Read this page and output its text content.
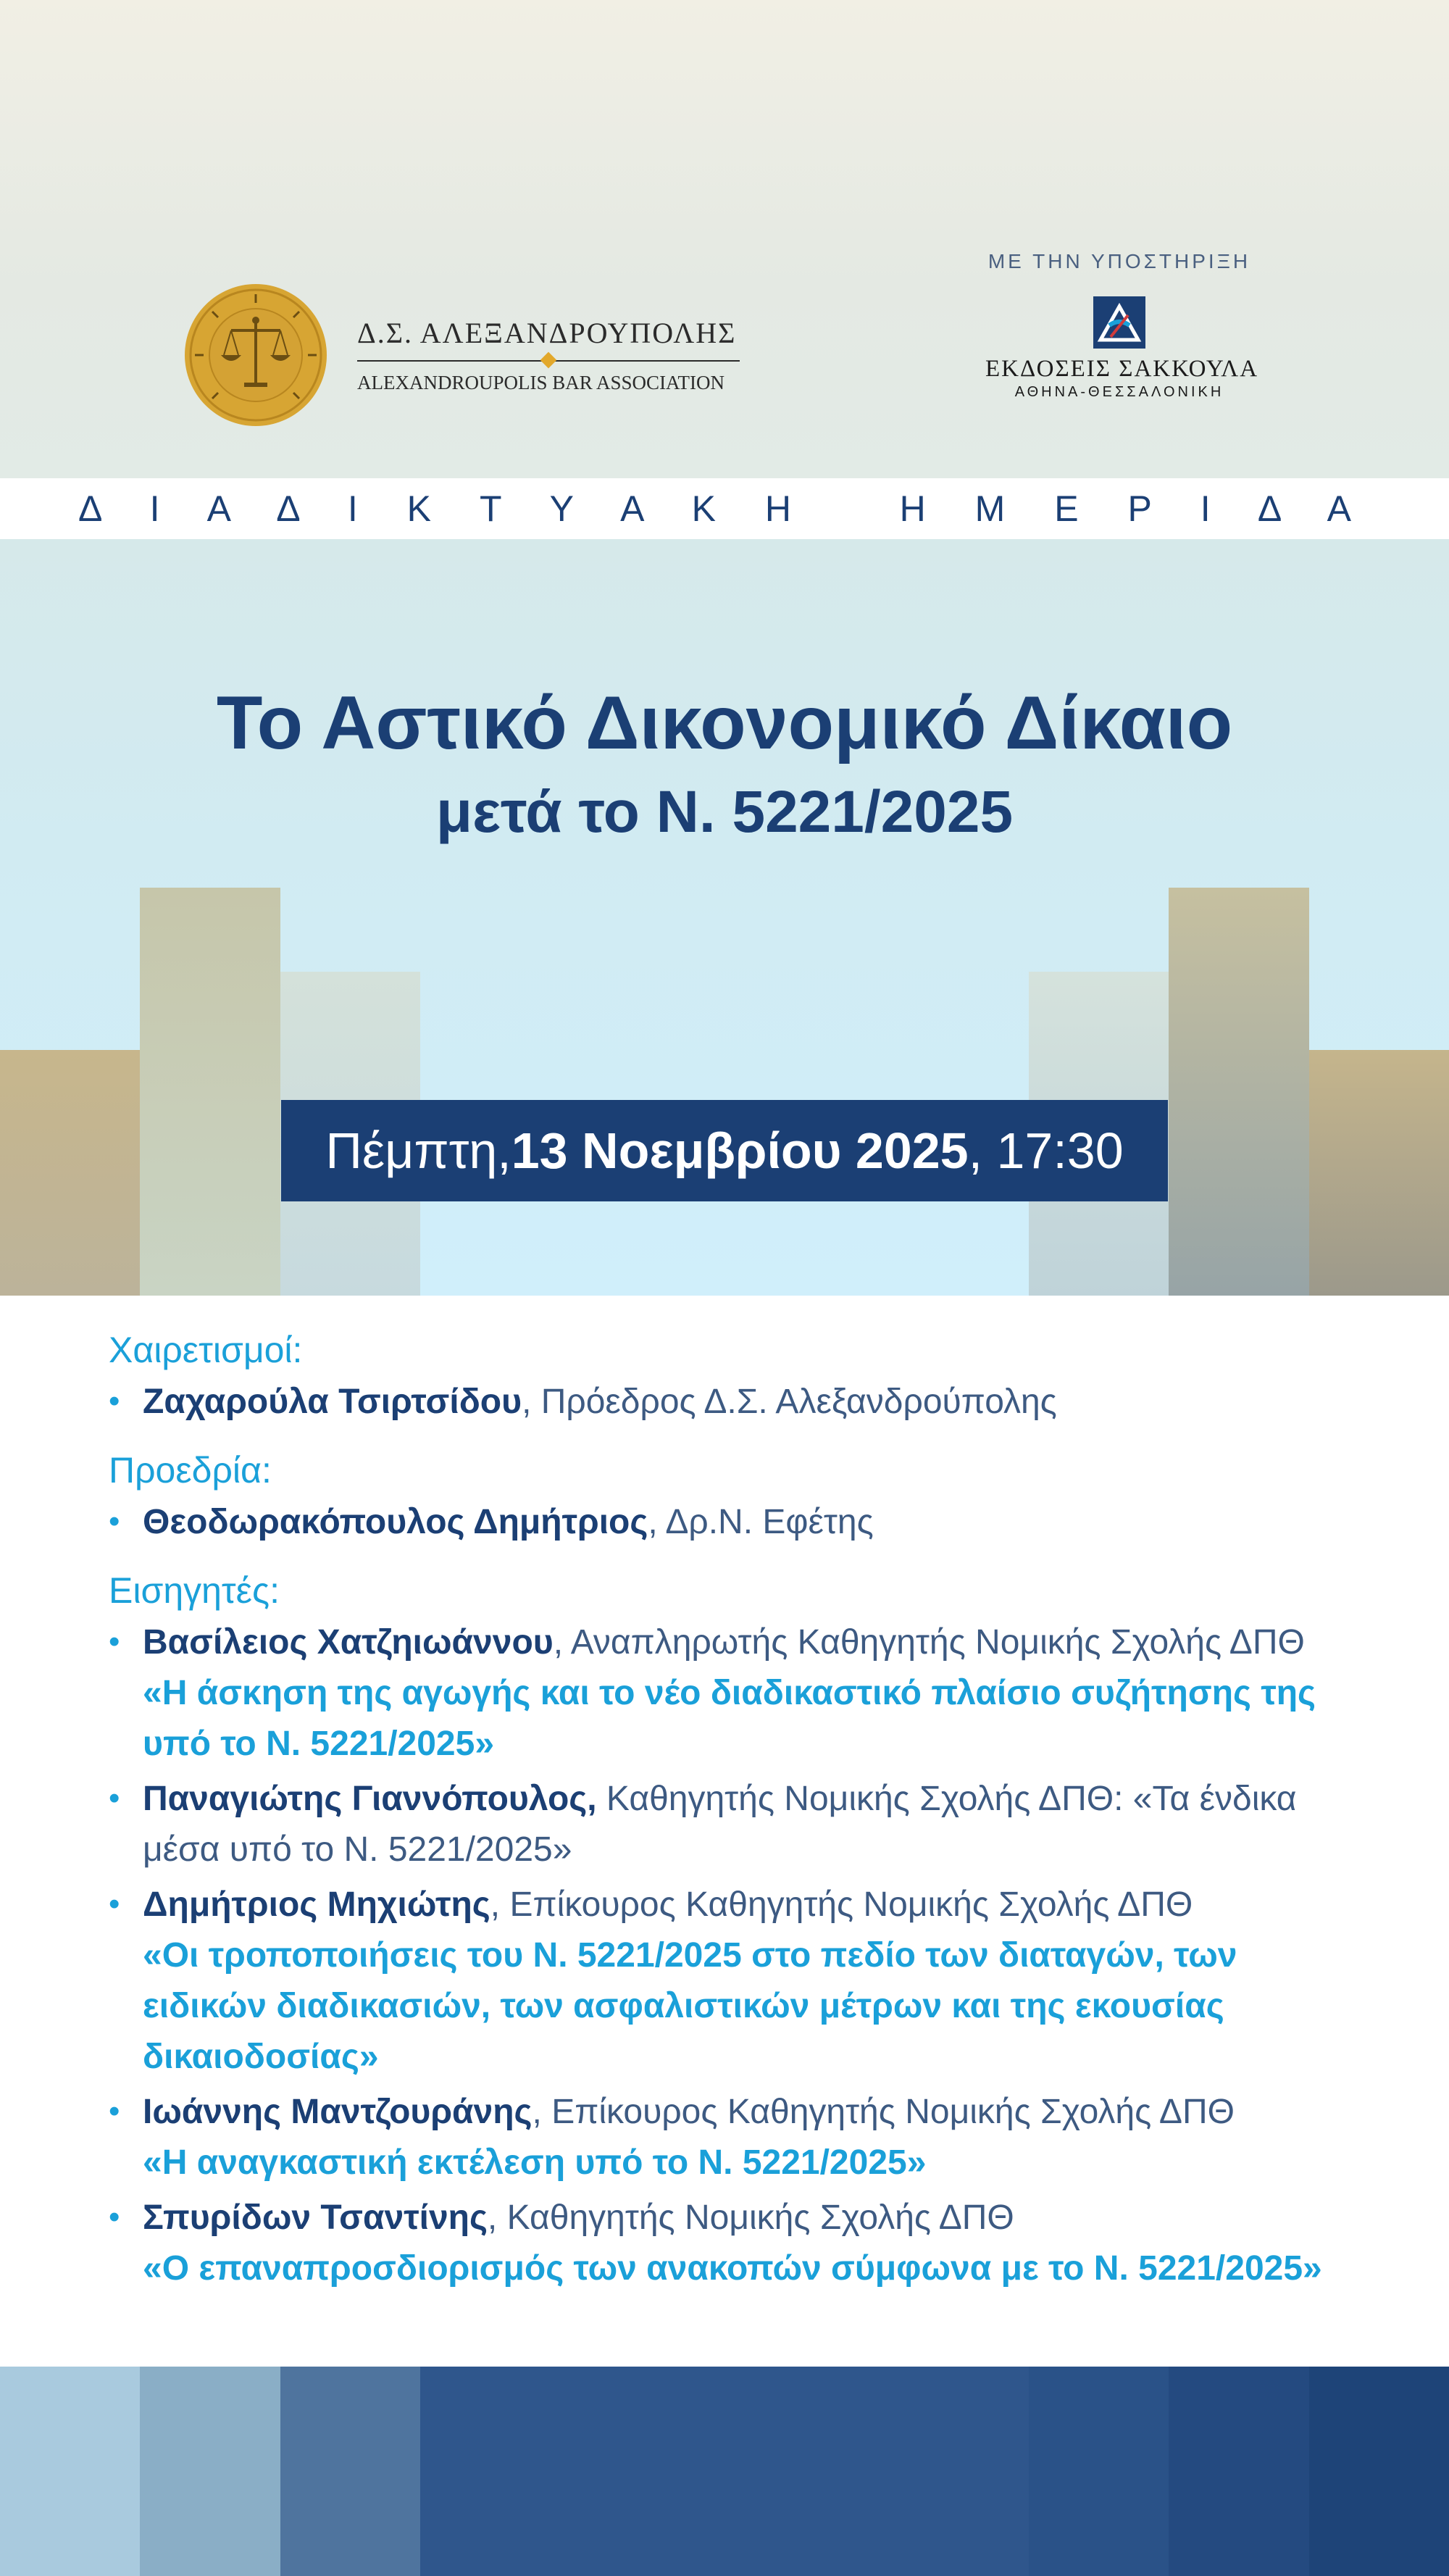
Δ.Σ. ΑΛΕΞΑΝΔΡΟΥΠΟΛΗΣ
ALEXANDROUPOLIS BAR ASSOCIATION
ΜΕ ΤΗΝ ΥΠΟΣΤΗΡΙΞΗ
ΕΚΔΟΣΕΙΣ ΣΑΚΚΟΥΛΑ
ΑΘΗΝΑ-ΘΕΣΣΑΛΟΝΙΚΗ
Δ Ι Α Δ Ι Κ Τ Υ Α Κ Η   Η Μ Ε Ρ Ι Δ Α
Το Αστικό Δικονομικό Δίκαιο
μετά το Ν. 5221/2025
Πέμπτη, 13 Νοεμβρίου 2025 , 17:30
Χαιρετισμοί:
• Ζαχαρούλα Τσιρτσίδου, Πρόεδρος Δ.Σ. Αλεξανδρούπολης
Προεδρία:
• Θεοδωρακόπουλος Δημήτριος, Δρ.Ν. Εφέτης
Εισηγητές:
• Βασίλειος Χατζηιωάννου, Αναπληρωτής Καθηγητής Νομικής Σχολής ΔΠΘ
«Η άσκηση της αγωγής και το νέο διαδικαστικό πλαίσιο συζήτησης της
υπό το Ν. 5221/2025»
• Παναγιώτης Γιαννόπουλος, Καθηγητής Νομικής Σχολής ΔΠΘ: «Τα ένδικα
μέσα υπό το Ν. 5221/2025»
• Δημήτριος Μηχιώτης, Επίκουρος Καθηγητής Νομικής Σχολής ΔΠΘ
«Οι τροποποιήσεις του Ν. 5221/2025 στο πεδίο των διαταγών, των
ειδικών διαδικασιών, των ασφαλιστικών μέτρων και της εκουσίας
δικαιοδοσίας»
• Ιωάννης Μαντζουράνης, Επίκουρος Καθηγητής Νομικής Σχολής ΔΠΘ
«Η αναγκαστική εκτέλεση υπό το Ν. 5221/2025»
• Σπυρίδων Τσαντίνης, Καθηγητής Νομικής Σχολής ΔΠΘ
«Ο επαναπροσδιορισμός των ανακοπών σύμφωνα με το Ν. 5221/2025»
